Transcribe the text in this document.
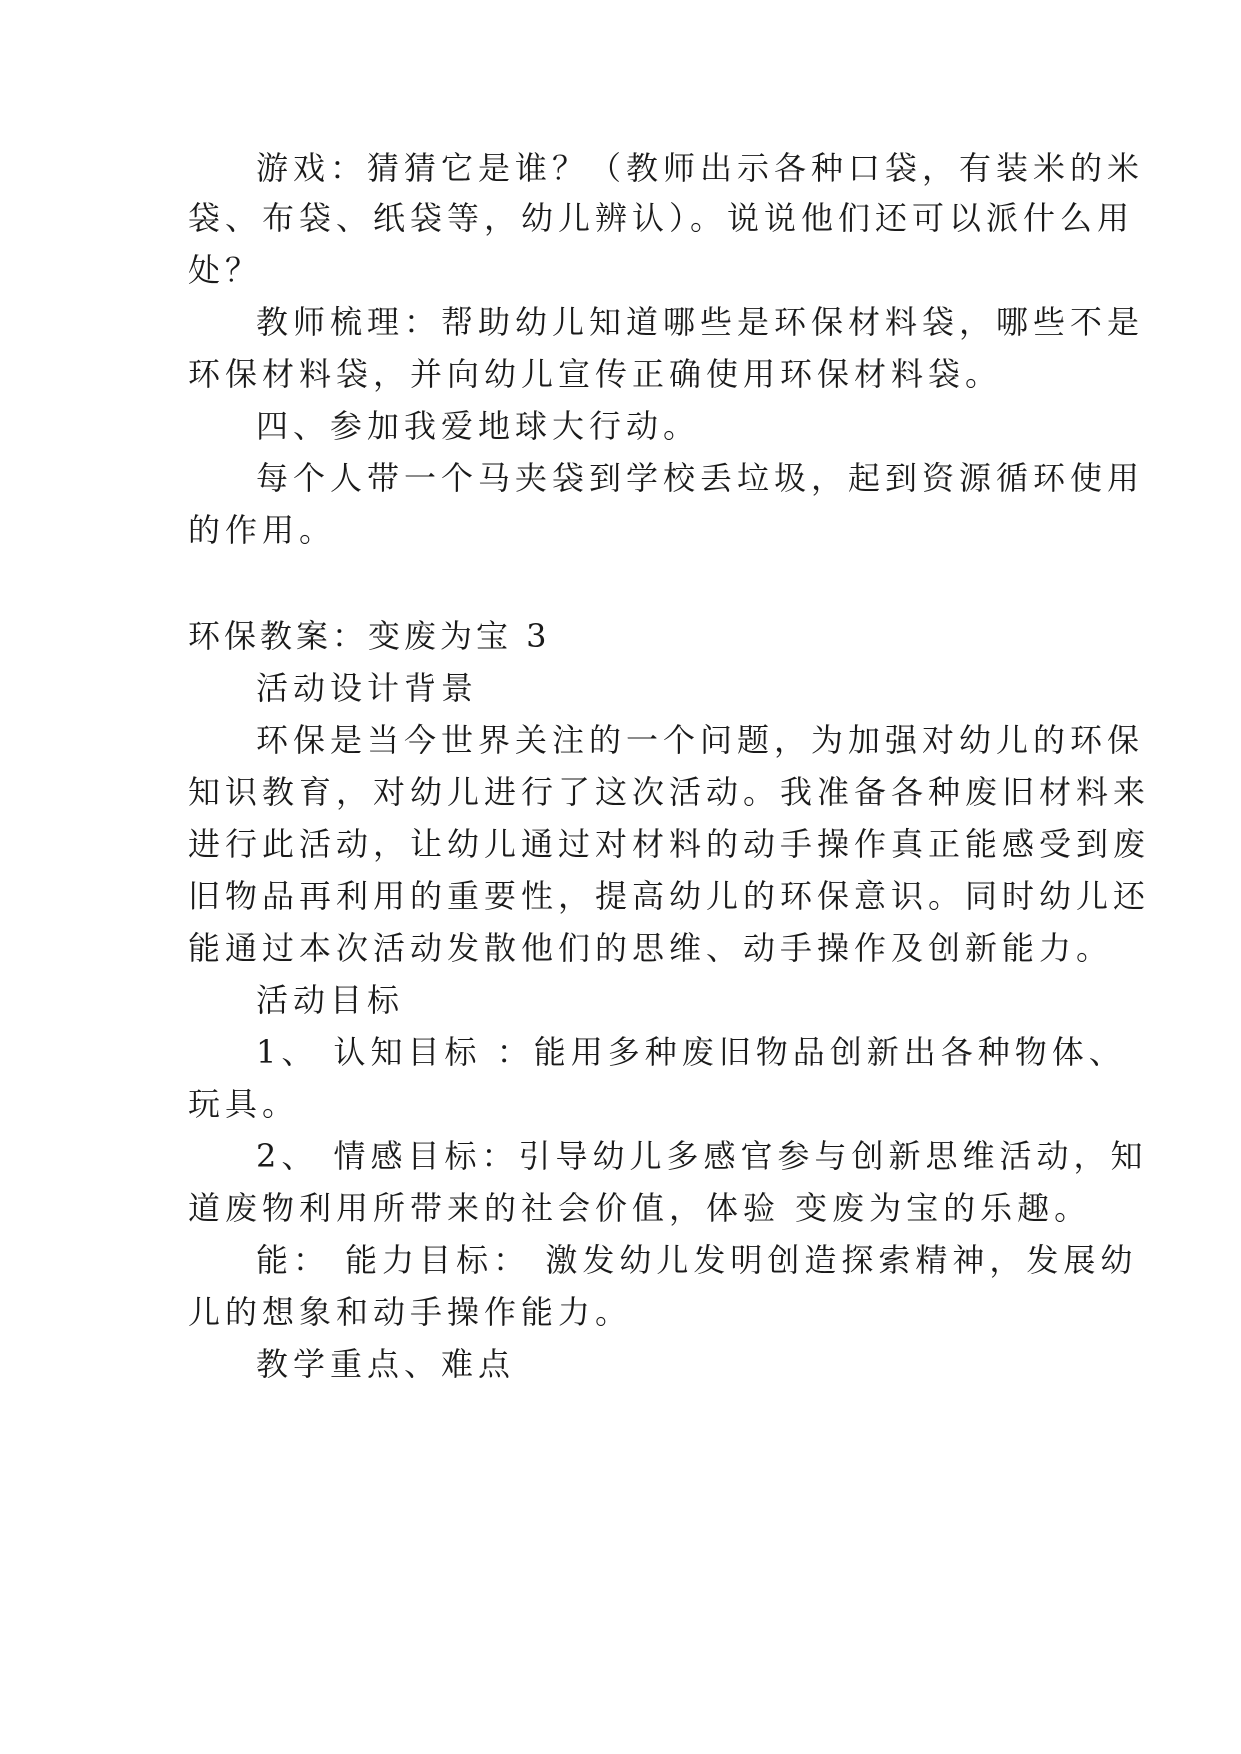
游戏：猜猜它是谁？（教师出示各种口袋，有装米的米
袋、布袋、纸袋等，幼儿辨认）。说说他们还可以派什么用
处？
教师梳理：帮助幼儿知道哪些是环保材料袋，哪些不是
环保材料袋，并向幼儿宣传正确使用环保材料袋。
四、参加我爱地球大行动。
每个人带一个马夹袋到学校丢垃圾，起到资源循环使用
的作用。
环保教案：变废为宝 3
活动设计背景
环保是当今世界关注的一个问题，为加强对幼儿的环保
知识教育，对幼儿进行了这次活动。我准备各种废旧材料来
进行此活动，让幼儿通过对材料的动手操作真正能感受到废
旧物品再利用的重要性，提高幼儿的环保意识。同时幼儿还
能通过本次活动发散他们的思维、动手操作及创新能力。
活动目标
1、 认知目标 ：能用多种废旧物品创新出各种物体、
玩具。
2、 情感目标：引导幼儿多感官参与创新思维活动，知
道废物利用所带来的社会价值，体验 变废为宝的乐趣。
能： 能力目标： 激发幼儿发明创造探索精神，发展幼
儿的想象和动手操作能力。
教学重点、难点
